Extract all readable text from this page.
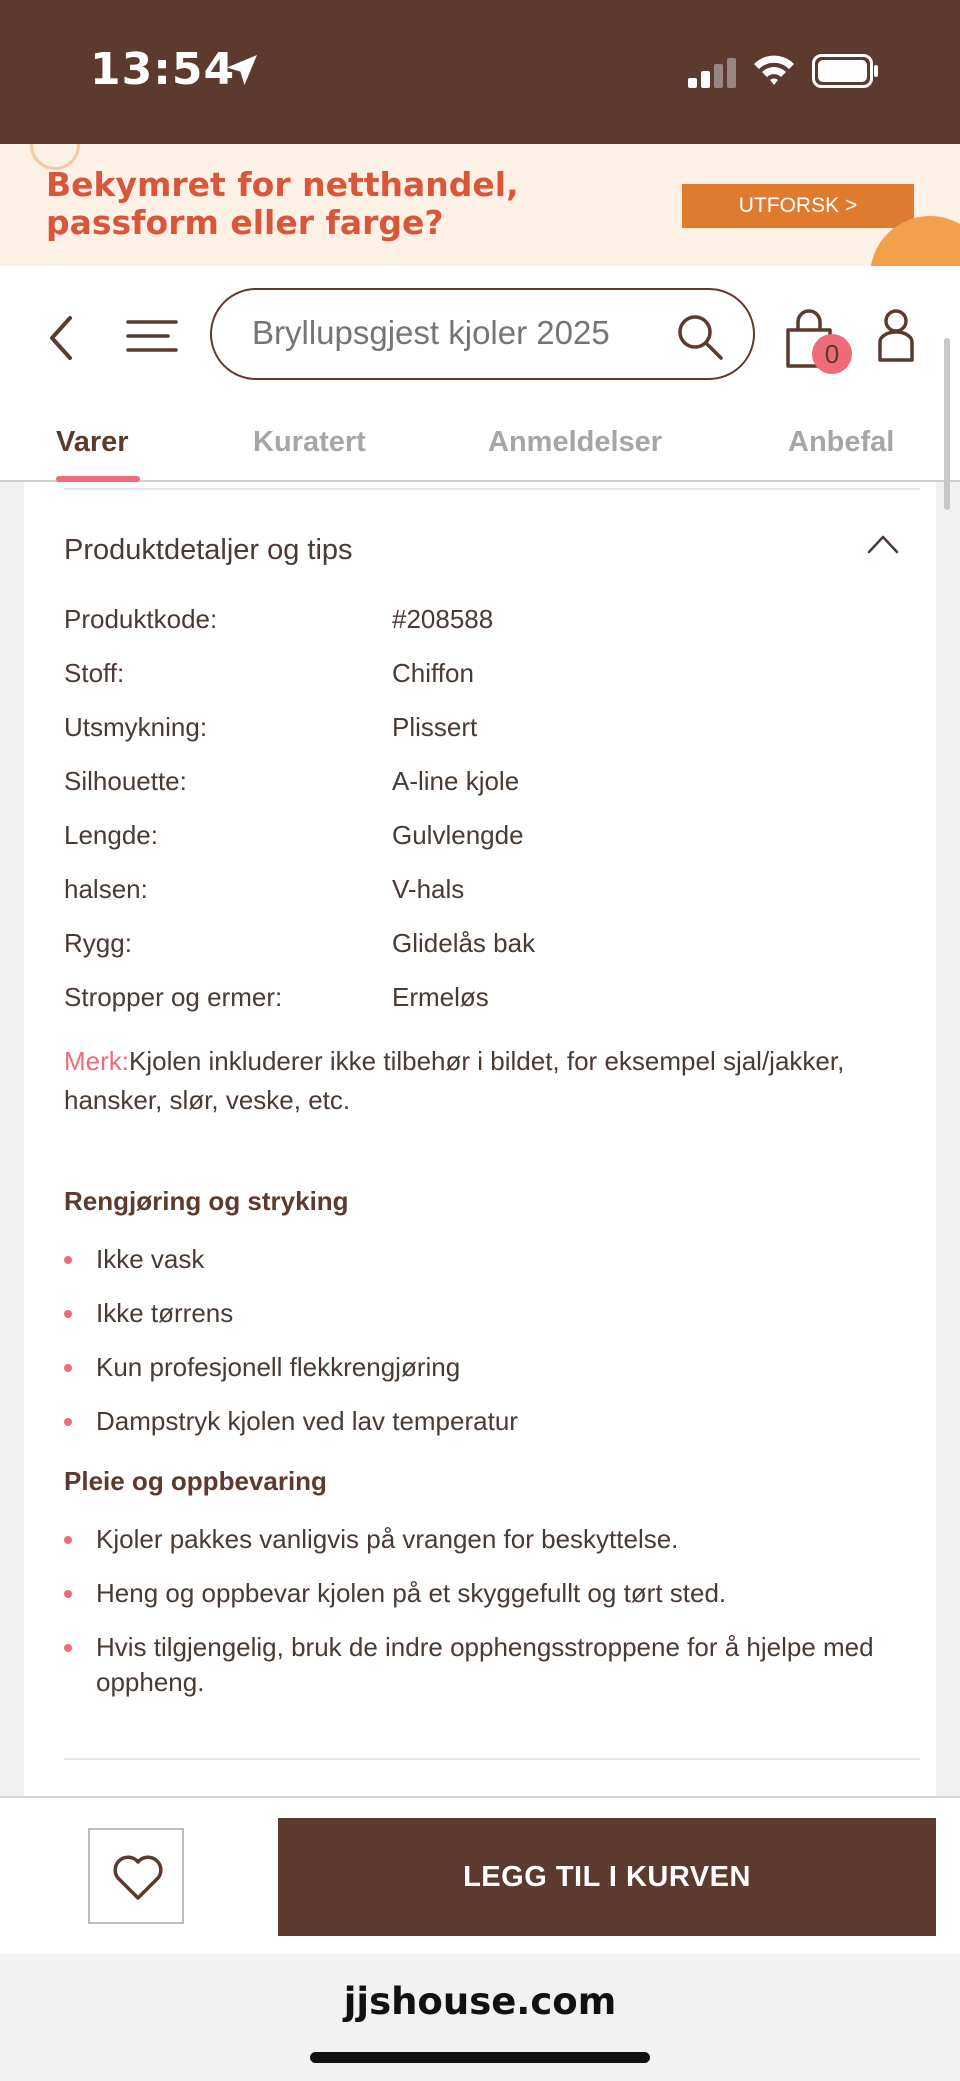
13:54
Bekymret for netthandel, passform eller farge?	UTFORSK >
Bryllupsgjest kjoler 2025
0
Varer	Kuratert	Anmeldelser	Anbefal
Produktdetaljer og tips
Produktkode:	#208588
Stoff:	Chiffon
Utsmykning:	Plissert
Silhouette:	A-line kjole
Lengde:	Gulvlengde
halsen:	V-hals
Rygg:	Glidelås bak
Stropper og ermer:	Ermeløs
Merk:Kjolen inkluderer ikke tilbehør i bildet, for eksempel sjal/jakker, hansker, slør, veske, etc.
Rengjøring og stryking
Ikke vask
Ikke tørrens
Kun profesjonell flekkrengjøring
Dampstryk kjolen ved lav temperatur
Pleie og oppbevaring
Kjoler pakkes vanligvis på vrangen for beskyttelse.
Heng og oppbevar kjolen på et skyggefullt og tørt sted.
Hvis tilgjengelig, bruk de indre opphengsstroppene for å hjelpe med oppheng.
LEGG TIL I KURVEN
jjshouse.com
